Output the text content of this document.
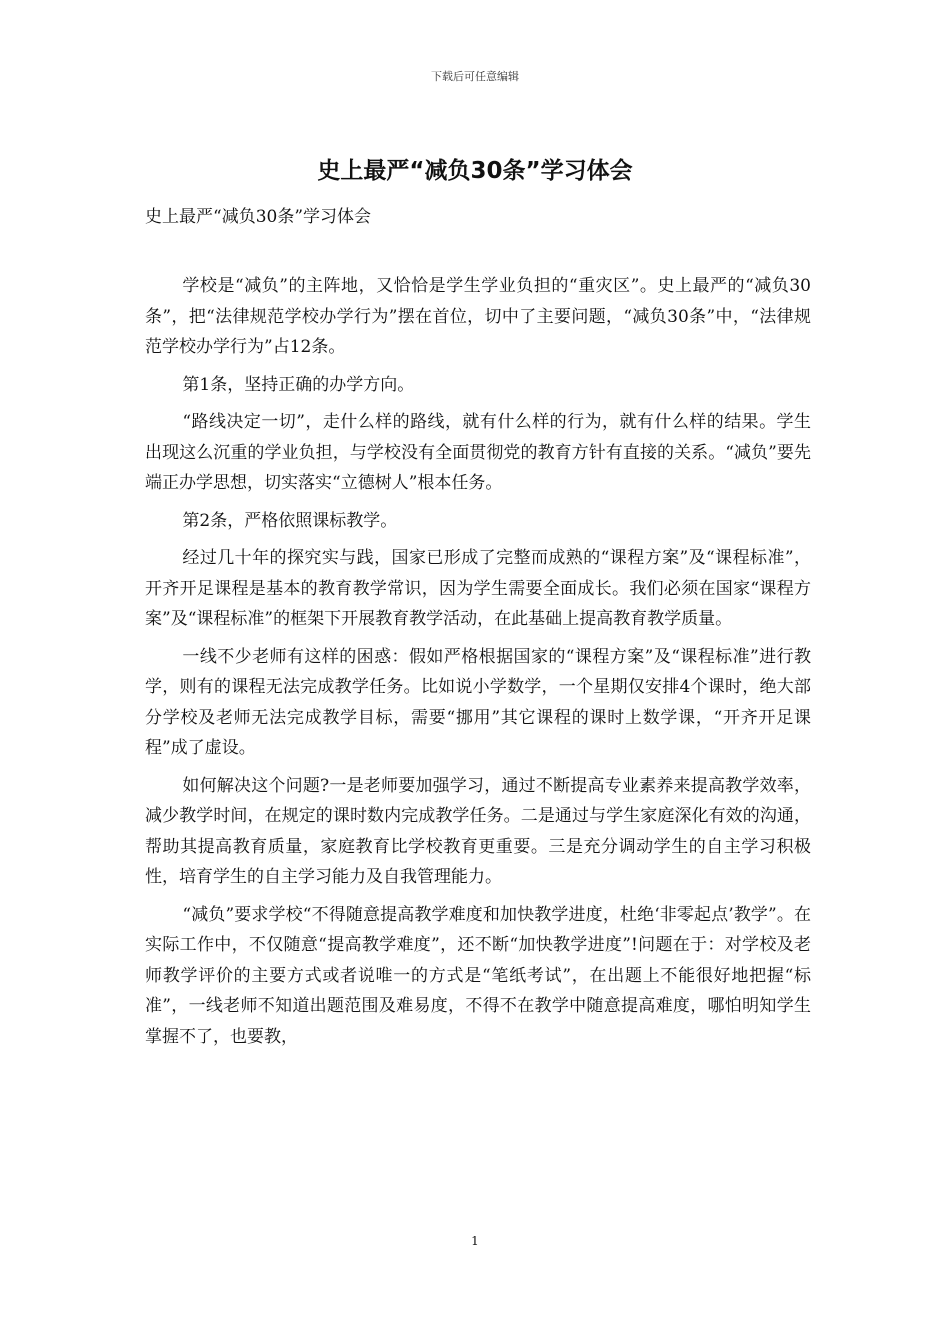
下载后可任意编辑
史上最严“减负30条”学习体会

史上最严“减负30条”学习体会

学校是“减负”的主阵地，又恰恰是学生学业负担的“重灾区”。史上最严的“减负30条”，把“法律规范学校办学行为”摆在首位，切中了主要问题，“减负30条”中，“法律规范学校办学行为”占12条。

第1条，坚持正确的办学方向。

“路线决定一切”，走什么样的路线，就有什么样的行为，就有什么样的结果。学生出现这么沉重的学业负担，与学校没有全面贯彻党的教育方针有直接的关系。“减负”要先端正办学思想，切实落实“立德树人”根本任务。

第2条，严格依照课标教学。

经过几十年的探究实与践，国家已形成了完整而成熟的“课程方案”及“课程标准”，开齐开足课程是基本的教育教学常识，因为学生需要全面成长。我们必须在国家“课程方案”及“课程标准”的框架下开展教育教学活动，在此基础上提高教育教学质量。

一线不少老师有这样的困惑：假如严格根据国家的“课程方案”及“课程标准”进行教学，则有的课程无法完成教学任务。比如说小学数学，一个星期仅安排4个课时，绝大部分学校及老师无法完成教学目标，需要“挪用”其它课程的课时上数学课，“开齐开足课程”成了虚设。

如何解决这个问题?一是老师要加强学习，通过不断提高专业素养来提高教学效率，减少教学时间，在规定的课时数内完成教学任务。二是通过与学生家庭深化有效的沟通，帮助其提高教育质量，家庭教育比学校教育更重要。三是充分调动学生的自主学习积极性，培育学生的自主学习能力及自我管理能力。

“减负”要求学校“不得随意提高教学难度和加快教学进度，杜绝‘非零起点’教学”。在实际工作中，不仅随意“提高教学难度”，还不断“加快教学进度”!问题在于：对学校及老师教学评价的主要方式或者说唯一的方式是“笔纸考试”，在出题上不能很好地把握“标准”，一线老师不知道出题范围及难易度，不得不在教学中随意提高难度，哪怕明知学生掌握不了，也要教，

1
